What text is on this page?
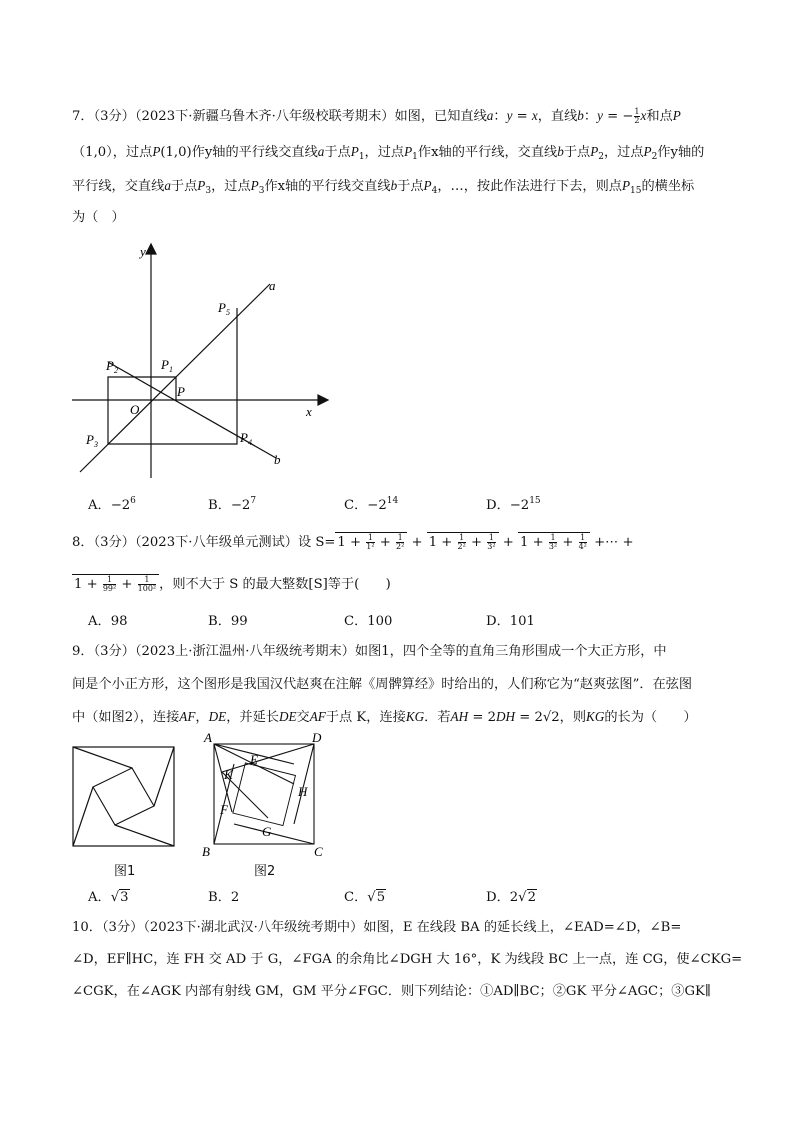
7．（3分）（2023下·新疆乌鲁木齐·八年级校联考期末）如图，已知直线a：y = x，直线b：y = − $\frac{1}{2}$ x和点P
（1,0），过点P(1,0)作y轴的平行线交直线a于点$P_1$，过点$P_1$作x轴的平行线，交直线b于点$P_2$，过点$P_2$作y轴的
平行线，交直线a于点$P_3$，过点$P_3$作x轴的平行线交直线b于点$P_4$，…，按此作法进行下去，则点$P_{15}$的横坐标
为（　）
y
x
a
b
O
P
$P_1$
$P_2$
$P_3$	$P_4$
$P_5$
A．$-2^6$	B．$-2^7$	C．$-2^{14}$	D．$-2^{15}$
8．（3分）（2023下·八年级单元测试）设 $S= 1 + \frac{1}{\text{1²}} + \frac{1}{\text{2²}} + 1 + \frac{1}{\text{2²}} + \frac{1}{\text{3²}} + 1 + \frac{1}{\text{3²}} + \frac{1}{\text{4²}}$ +⋯ +
$1 + \frac{1}{\text{99²}} + \frac{1}{\text{100²}}$ ，则不大于 S 的最大整数[S]等于(　　)
A．98	B．99	C．100	D．101
9．（3分）（2023上·浙江温州·八年级统考期末）如图1，四个全等的直角三角形围成一个大正方形，中
间是个小正方形，这个图形是我国汉代赵爽在注解《周髀算经》时给出的，人们称它为“赵爽弦图”．在弦图
中（如图2），连接AF，DE，并延长DE交AF于点 K，连接KG．若AH = 2DH = 2√2，则KG的长为（　　）
图1
A	D
K
E
H
F
G
B	C
图2
A．√3	B．2	C．√5	D．2√2
10．（3分）（2023下·湖北武汉·八年级统考期中）如图，E 在线段 BA 的延长线上，∠EAD=∠D，∠B=
∠D，EF∥HC，连 FH 交 AD 于 G，∠FGA 的余角比∠DGH 大 16°，K 为线段 BC 上一点，连 CG，使∠CKG=
∠CGK，在∠AGK 内部有射线 GM，GM 平分∠FGC．则下列结论：①AD∥BC；②GK 平分∠AGC；③GK∥
